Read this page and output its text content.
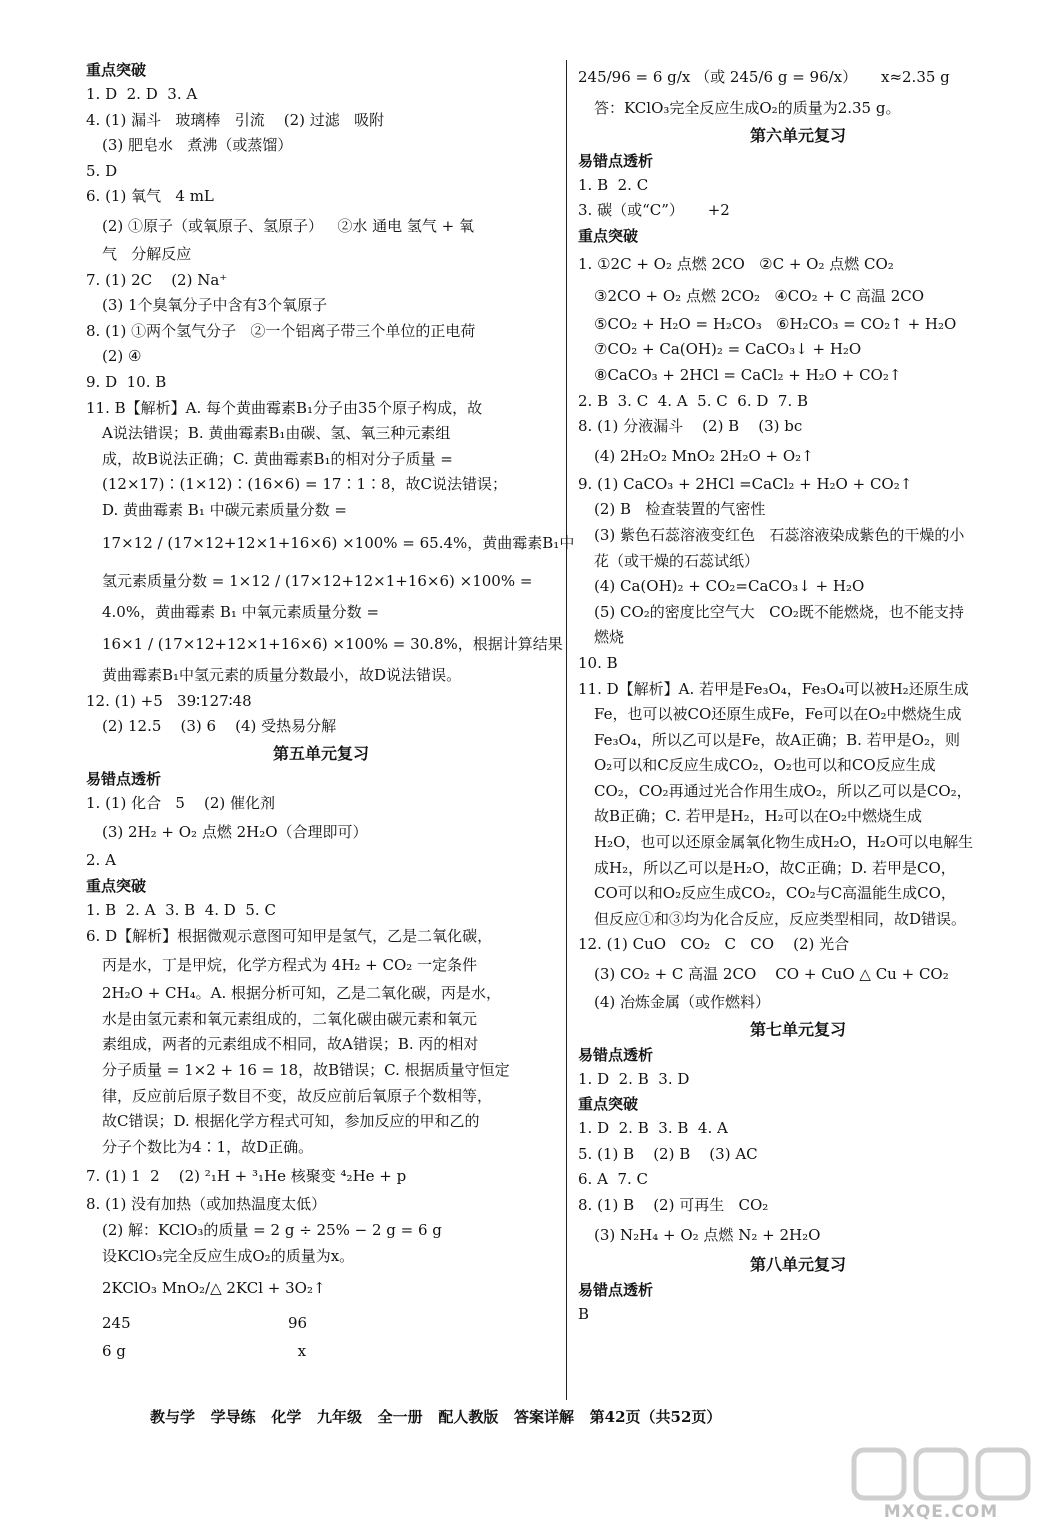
重点突破
1. D  2. D  3. A
4. (1) 漏斗   玻璃棒   引流    (2) 过滤   吸附
(3) 肥皂水   煮沸（或蒸馏）
5. D
6. (1) 氧气   4 mL
(2) ①原子（或氧原子、氢原子）   ②水 通电 氢气 + 氧
气   分解反应
7. (1) 2C    (2) Na⁺
(3) 1个臭氧分子中含有3个氧原子
8. (1) ①两个氢气分子   ②一个铝离子带三个单位的正电荷
(2) ④
9. D  10. B
11. B【解析】A. 每个黄曲霉素B₁分子由35个原子构成，故
A说法错误；B. 黄曲霉素B₁由碳、氢、氧三种元素组
成，故B说法正确；C. 黄曲霉素B₁的相对分子质量 =
(12×17)∶(1×12)∶(16×6) = 17∶1∶8，故C说法错误；
D. 黄曲霉素 B₁ 中碳元素质量分数 =
17×12 / (17×12+12×1+16×6) ×100% = 65.4%，黄曲霉素B₁中
氢元素质量分数 = 1×12 / (17×12+12×1+16×6) ×100% =
4.0%，黄曲霉素 B₁ 中氧元素质量分数 =
16×1 / (17×12+12×1+16×6) ×100% = 30.8%，根据计算结果
黄曲霉素B₁中氢元素的质量分数最小，故D说法错误。
12. (1) +5   39∶127∶48
(2) 12.5    (3) 6    (4) 受热易分解
第五单元复习
易错点透析
1. (1) 化合   5    (2) 催化剂
(3) 2H₂ + O₂ 点燃 2H₂O（合理即可）
2. A
重点突破
1. B  2. A  3. B  4. D  5. C
6. D【解析】根据微观示意图可知甲是氢气，乙是二氧化碳，
丙是水，丁是甲烷，化学方程式为 4H₂ + CO₂ 一定条件
2H₂O + CH₄。A. 根据分析可知，乙是二氧化碳，丙是水，
水是由氢元素和氧元素组成的，二氧化碳由碳元素和氧元
素组成，两者的元素组成不相同，故A错误；B. 丙的相对
分子质量 = 1×2 + 16 = 18，故B错误；C. 根据质量守恒定
律，反应前后原子数目不变，故反应前后氧原子个数相等，
故C错误；D. 根据化学方程式可知，参加反应的甲和乙的
分子个数比为4∶1，故D正确。
7. (1) 1  2    (2) ²₁H + ³₁He 核聚变 ⁴₂He + p
8. (1) 没有加热（或加热温度太低）
(2) 解：KClO₃的质量 = 2 g ÷ 25% − 2 g = 6 g
设KClO₃完全反应生成O₂的质量为x。
2KClO₃ MnO₂/△ 2KCl + 3O₂↑
245                                 96
6 g                                    x
245/96 = 6 g/x （或 245/6 g = 96/x）     x≈2.35 g
答：KClO₃完全反应生成O₂的质量为2.35 g。
第六单元复习
易错点透析
1. B  2. C
3. 碳（或“C”）     +2
重点突破
1. ①2C + O₂ 点燃 2CO   ②C + O₂ 点燃 CO₂
③2CO + O₂ 点燃 2CO₂   ④CO₂ + C 高温 2CO
⑤CO₂ + H₂O = H₂CO₃   ⑥H₂CO₃ = CO₂↑ + H₂O
⑦CO₂ + Ca(OH)₂ = CaCO₃↓ + H₂O
⑧CaCO₃ + 2HCl = CaCl₂ + H₂O + CO₂↑
2. B  3. C  4. A  5. C  6. D  7. B
8. (1) 分液漏斗    (2) B    (3) bc
(4) 2H₂O₂ MnO₂ 2H₂O + O₂↑
9. (1) CaCO₃ + 2HCl =CaCl₂ + H₂O + CO₂↑
(2) B   检查装置的气密性
(3) 紫色石蕊溶液变红色   石蕊溶液染成紫色的干燥的小
花（或干燥的石蕊试纸）
(4) Ca(OH)₂ + CO₂=CaCO₃↓ + H₂O
(5) CO₂的密度比空气大   CO₂既不能燃烧，也不能支持
燃烧
10. B
11. D【解析】A. 若甲是Fe₃O₄，Fe₃O₄可以被H₂还原生成
Fe，也可以被CO还原生成Fe，Fe可以在O₂中燃烧生成
Fe₃O₄，所以乙可以是Fe，故A正确；B. 若甲是O₂，则
O₂可以和C反应生成CO₂，O₂也可以和CO反应生成
CO₂，CO₂再通过光合作用生成O₂，所以乙可以是CO₂，
故B正确；C. 若甲是H₂，H₂可以在O₂中燃烧生成
H₂O，也可以还原金属氧化物生成H₂O，H₂O可以电解生
成H₂，所以乙可以是H₂O，故C正确；D. 若甲是CO，
CO可以和O₂反应生成CO₂，CO₂与C高温能生成CO，
但反应①和③均为化合反应，反应类型相同，故D错误。
12. (1) CuO   CO₂   C   CO    (2) 光合
(3) CO₂ + C 高温 2CO    CO + CuO △ Cu + CO₂
(4) 冶炼金属（或作燃料）
第七单元复习
易错点透析
1. D  2. B  3. D
重点突破
1. D  2. B  3. B  4. A
5. (1) B    (2) B    (3) AC
6. A  7. C
8. (1) B    (2) 可再生   CO₂
(3) N₂H₄ + O₂ 点燃 N₂ + 2H₂O
第八单元复习
易错点透析
B
教与学   学导练   化学   九年级   全一册   配人教版   答案详解   第42页（共52页）
MXQE.COM
